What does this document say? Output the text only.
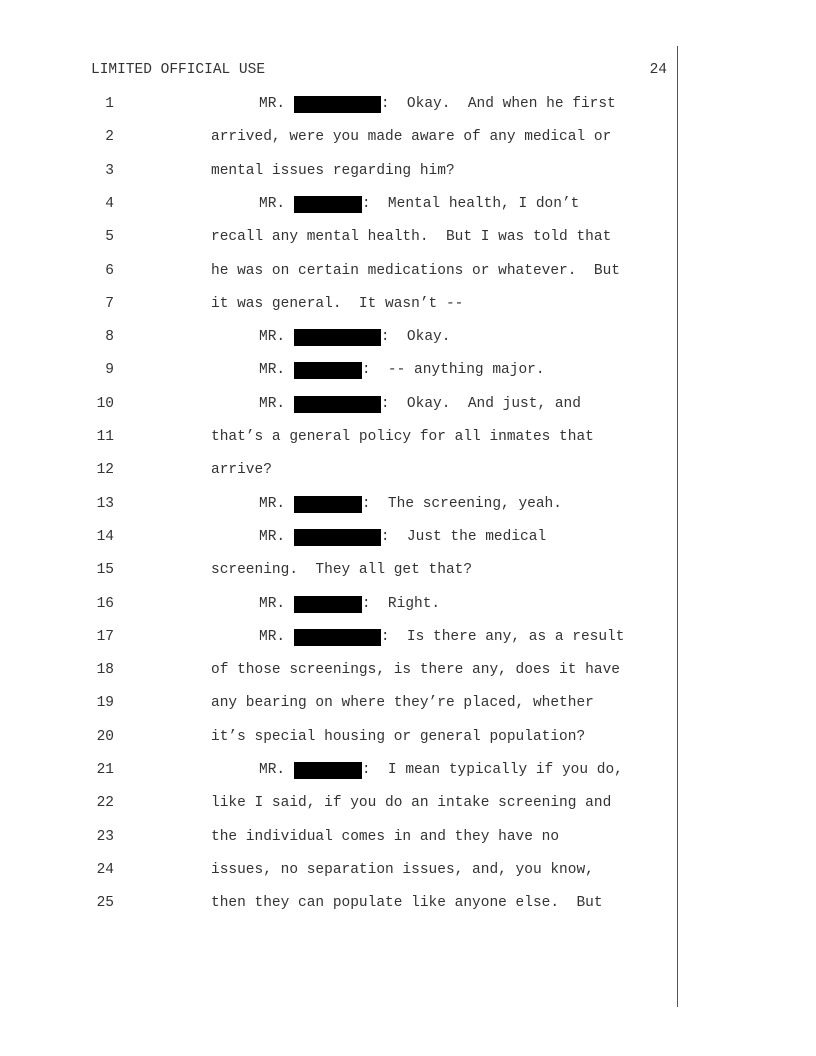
LIMITED OFFICIAL USE	24
1	MR.	:  Okay.  And when he first
2	arrived, were you made aware of any medical or
3	mental issues regarding him?
4	MR.	:  Mental health, I don’t
5	recall any mental health.  But I was told that
6	he was on certain medications or whatever.  But
7	it was general.  It wasn’t --
8	MR.	:  Okay.
9	MR.	:  -- anything major.
10	MR.	:  Okay.  And just, and
11	that’s a general policy for all inmates that
12	arrive?
13	MR.	:  The screening, yeah.
14	MR.	:  Just the medical
15	screening.  They all get that?
16	MR.	:  Right.
17	MR.	:  Is there any, as a result
18	of those screenings, is there any, does it have
19	any bearing on where they’re placed, whether
20	it’s special housing or general population?
21	MR.	:  I mean typically if you do,
22	like I said, if you do an intake screening and
23	the individual comes in and they have no
24	issues, no separation issues, and, you know,
25	then they can populate like anyone else.  But
